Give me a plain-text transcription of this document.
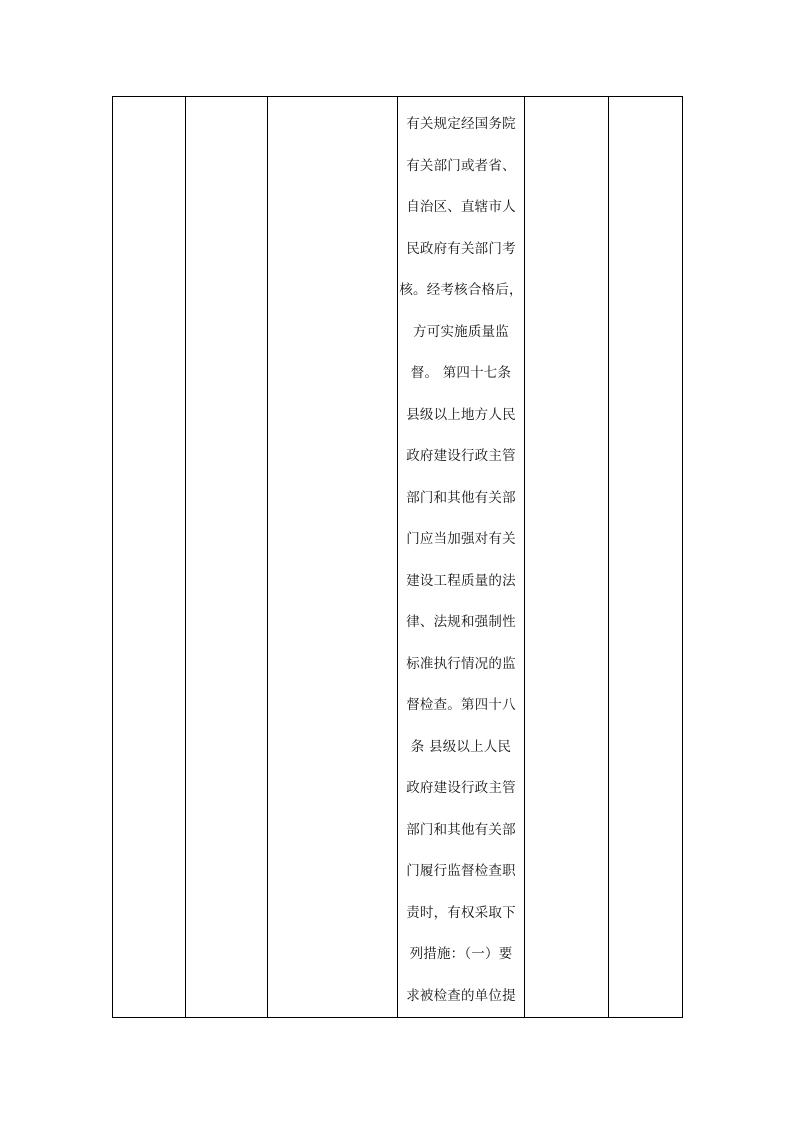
有关规定经国务院
有关部门或者省、
自治区、直辖市人
民政府有关部门考
核。经考核合格后，
方可实施质量监
督。 第四十七条
县级以上地方人民
政府建设行政主管
部门和其他有关部
门应当加强对有关
建设工程质量的法
律、法规和强制性
标准执行情况的监
督检查。第四十八
条 县级以上人民
政府建设行政主管
部门和其他有关部
门履行监督检查职
责时，有权采取下
列措施：（一）要
求被检查的单位提
